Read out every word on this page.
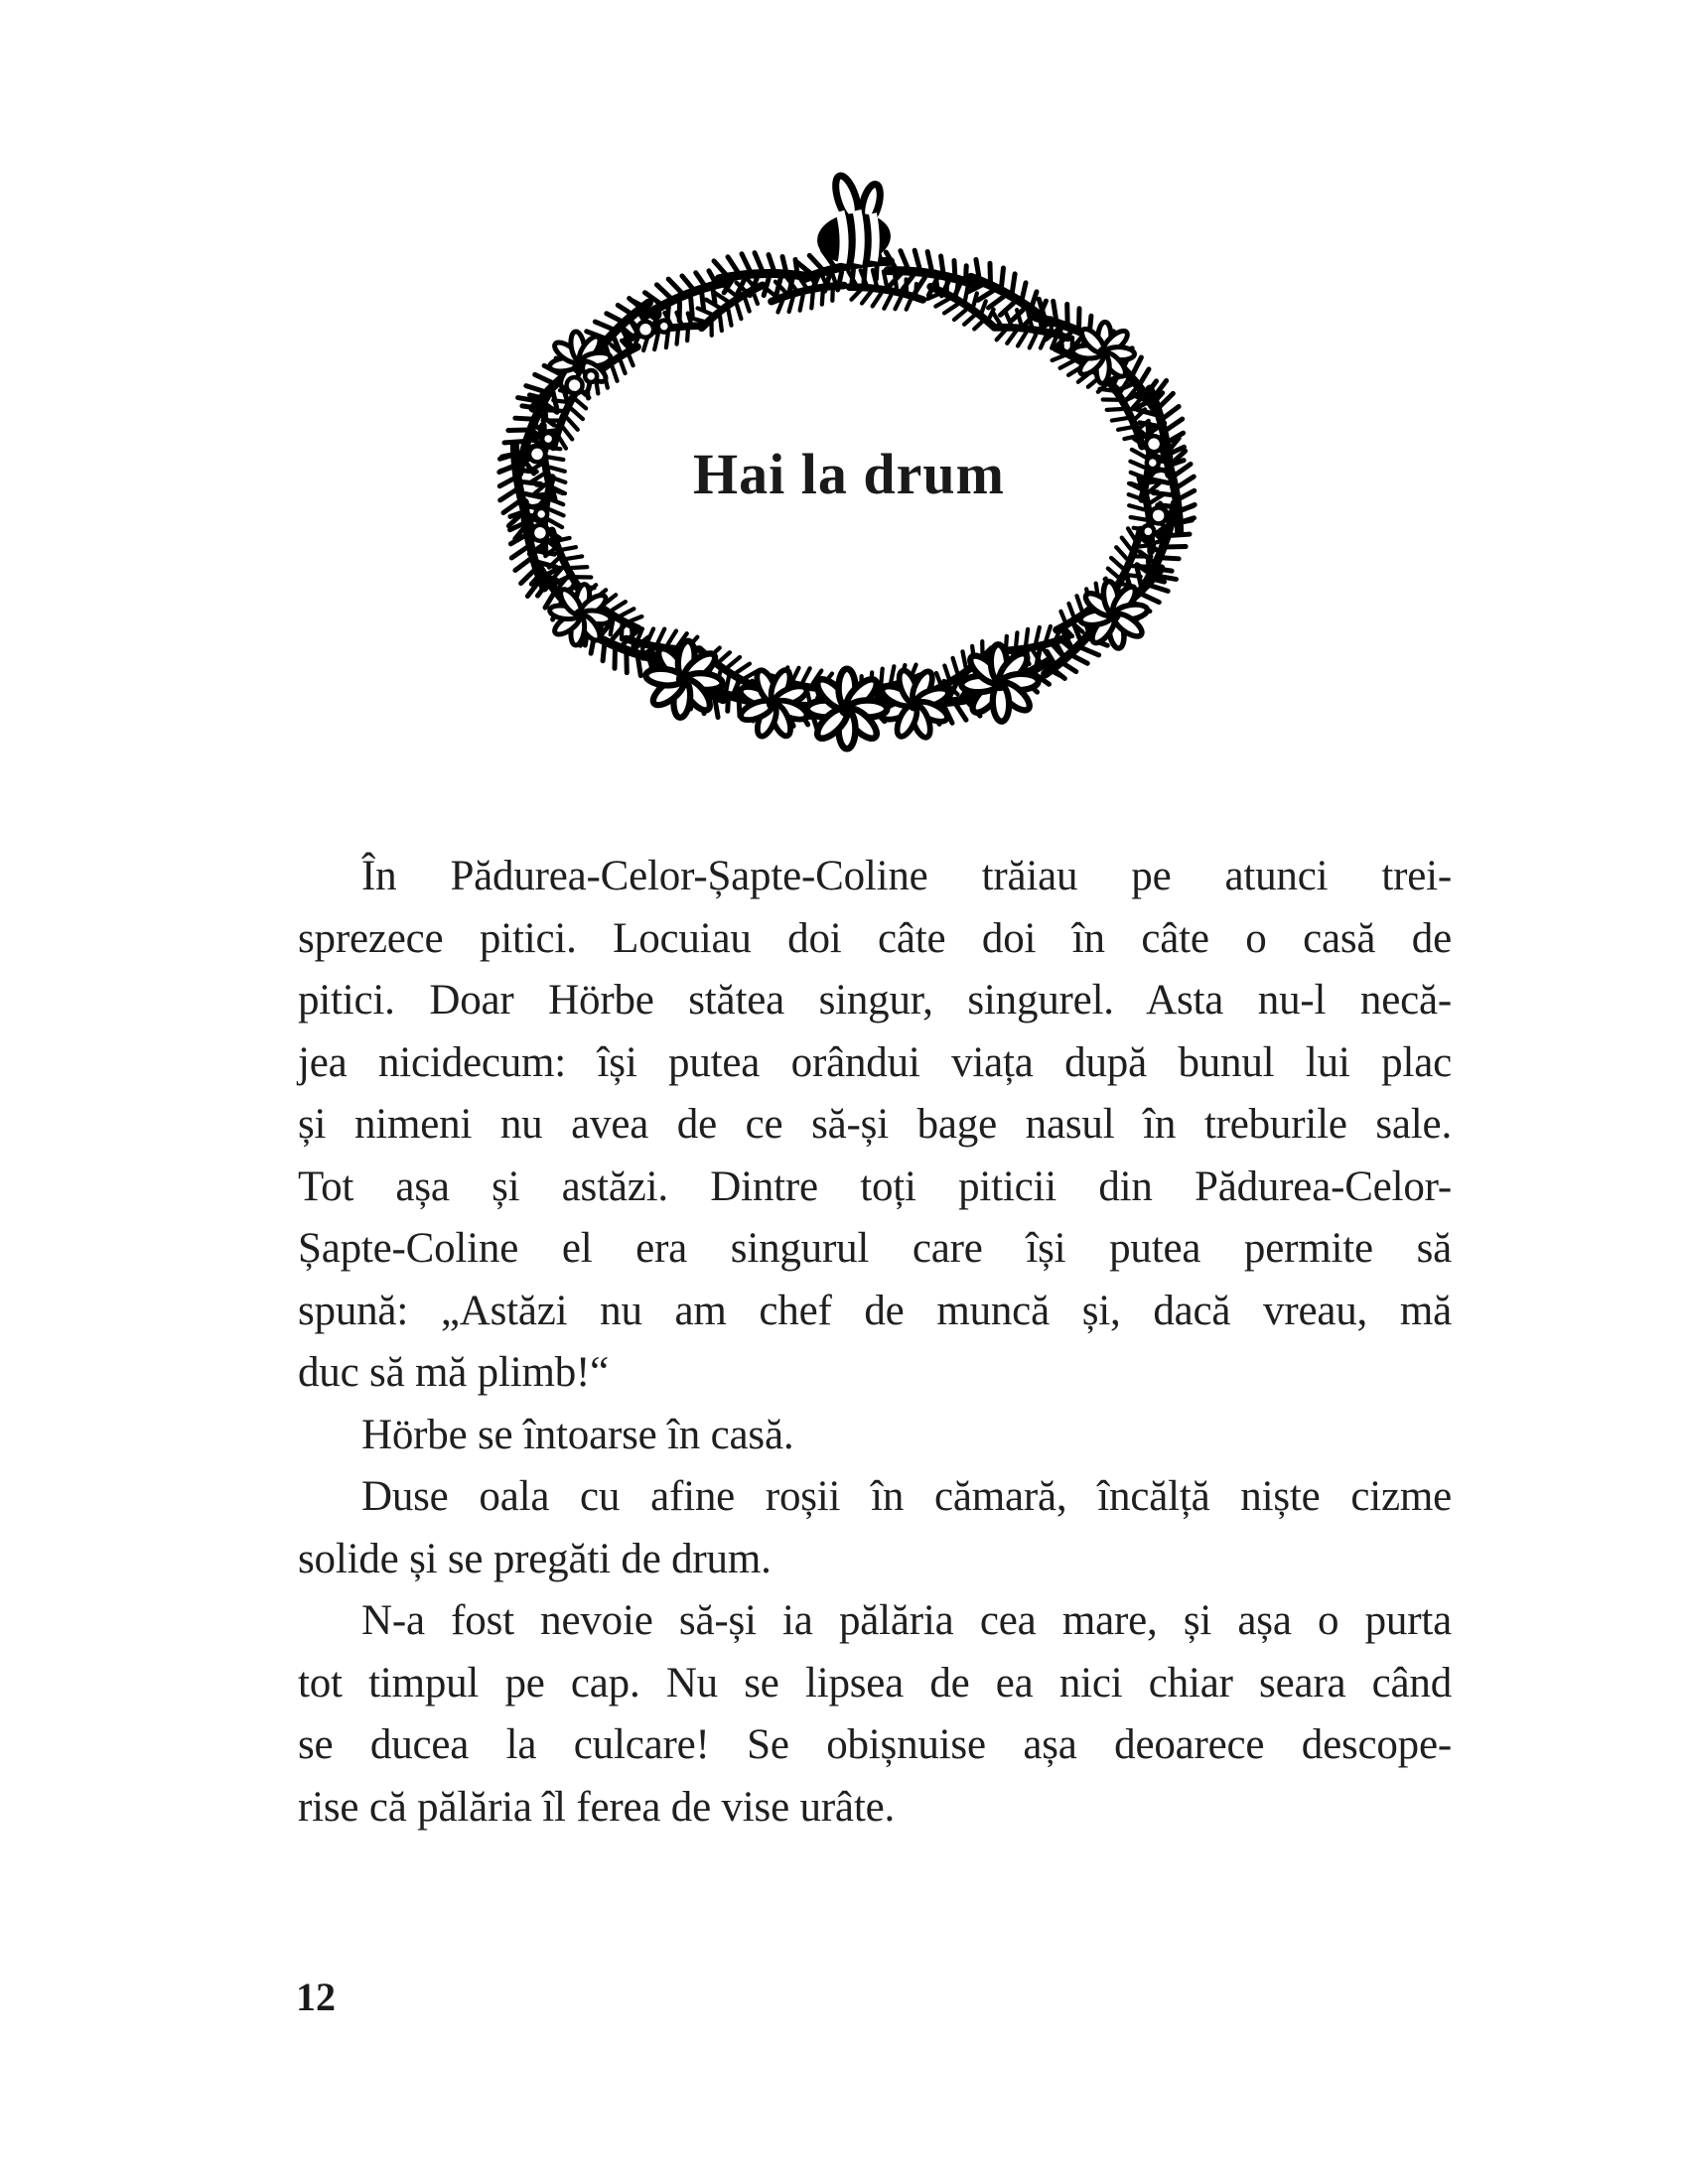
Hai la drum
În Pădurea-Celor-Șapte-Coline trăiau pe atunci trei-
sprezece pitici. Locuiau doi câte doi în câte o casă de
pitici. Doar Hörbe stătea singur, singurel. Asta nu-l necă-
jea nicidecum: își putea orândui viața după bunul lui plac
și nimeni nu avea de ce să-și bage nasul în treburile sale.
Tot așa și astăzi. Dintre toți piticii din Pădurea-Celor-
Șapte-Coline el era singurul care își putea permite să
spună: „Astăzi nu am chef de muncă și, dacă vreau, mă
duc să mă plimb!“
Hörbe se întoarse în casă.
Duse oala cu afine roșii în cămară, încălță niște cizme
solide și se pregăti de drum.
N-a fost nevoie să-și ia pălăria cea mare, și așa o purta
tot timpul pe cap. Nu se lipsea de ea nici chiar seara când
se ducea la culcare! Se obișnuise așa deoarece descope-
rise că pălăria îl ferea de vise urâte.
12
